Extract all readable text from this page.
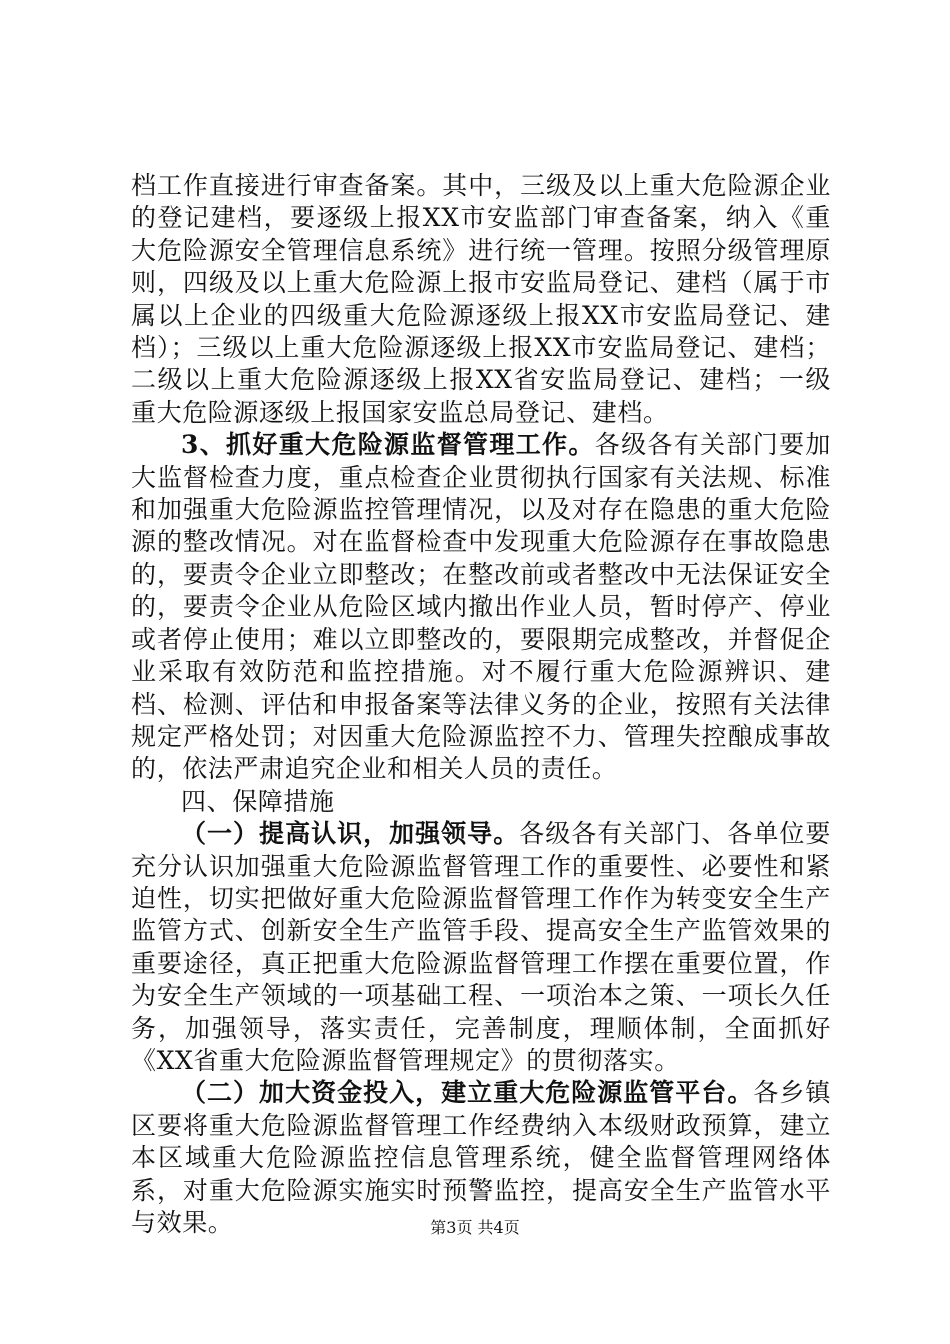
档工作直接进行审查备案。其中，三级及以上重大危险源企业的登记建档，要逐级上报XX市安监部门审查备案，纳入《重大危险源安全管理信息系统》进行统一管理。按照分级管理原则，四级及以上重大危险源上报市安监局登记、建档（属于市属以上企业的四级重大危险源逐级上报XX市安监局登记、建档）；三级以上重大危险源逐级上报XX市安监局登记、建档；二级以上重大危险源逐级上报XX省安监局登记、建档；一级重大危险源逐级上报国家安监总局登记、建档。

3、抓好重大危险源监督管理工作。各级各有关部门要加大监督检查力度，重点检查企业贯彻执行国家有关法规、标准和加强重大危险源监控管理情况，以及对存在隐患的重大危险源的整改情况。对在监督检查中发现重大危险源存在事故隐患的，要责令企业立即整改；在整改前或者整改中无法保证安全的，要责令企业从危险区域内撤出作业人员，暂时停产、停业或者停止使用；难以立即整改的，要限期完成整改，并督促企业采取有效防范和监控措施。对不履行重大危险源辨识、建档、检测、评估和申报备案等法律义务的企业，按照有关法律规定严格处罚；对因重大危险源监控不力、管理失控酿成事故的，依法严肃追究企业和相关人员的责任。

四、保障措施

（一）提高认识，加强领导。各级各有关部门、各单位要充分认识加强重大危险源监督管理工作的重要性、必要性和紧迫性，切实把做好重大危险源监督管理工作作为转变安全生产监管方式、创新安全生产监管手段、提高安全生产监管效果的重要途径，真正把重大危险源监督管理工作摆在重要位置，作为安全生产领域的一项基础工程、一项治本之策、一项长久任务，加强领导，落实责任，完善制度，理顺体制，全面抓好《XX省重大危险源监督管理规定》的贯彻落实。

（二）加大资金投入，建立重大危险源监管平台。各乡镇区要将重大危险源监督管理工作经费纳入本级财政预算，建立本区域重大危险源监控信息管理系统，健全监督管理网络体系，对重大危险源实施实时预警监控，提高安全生产监管水平与效果。	第3页 共4页
